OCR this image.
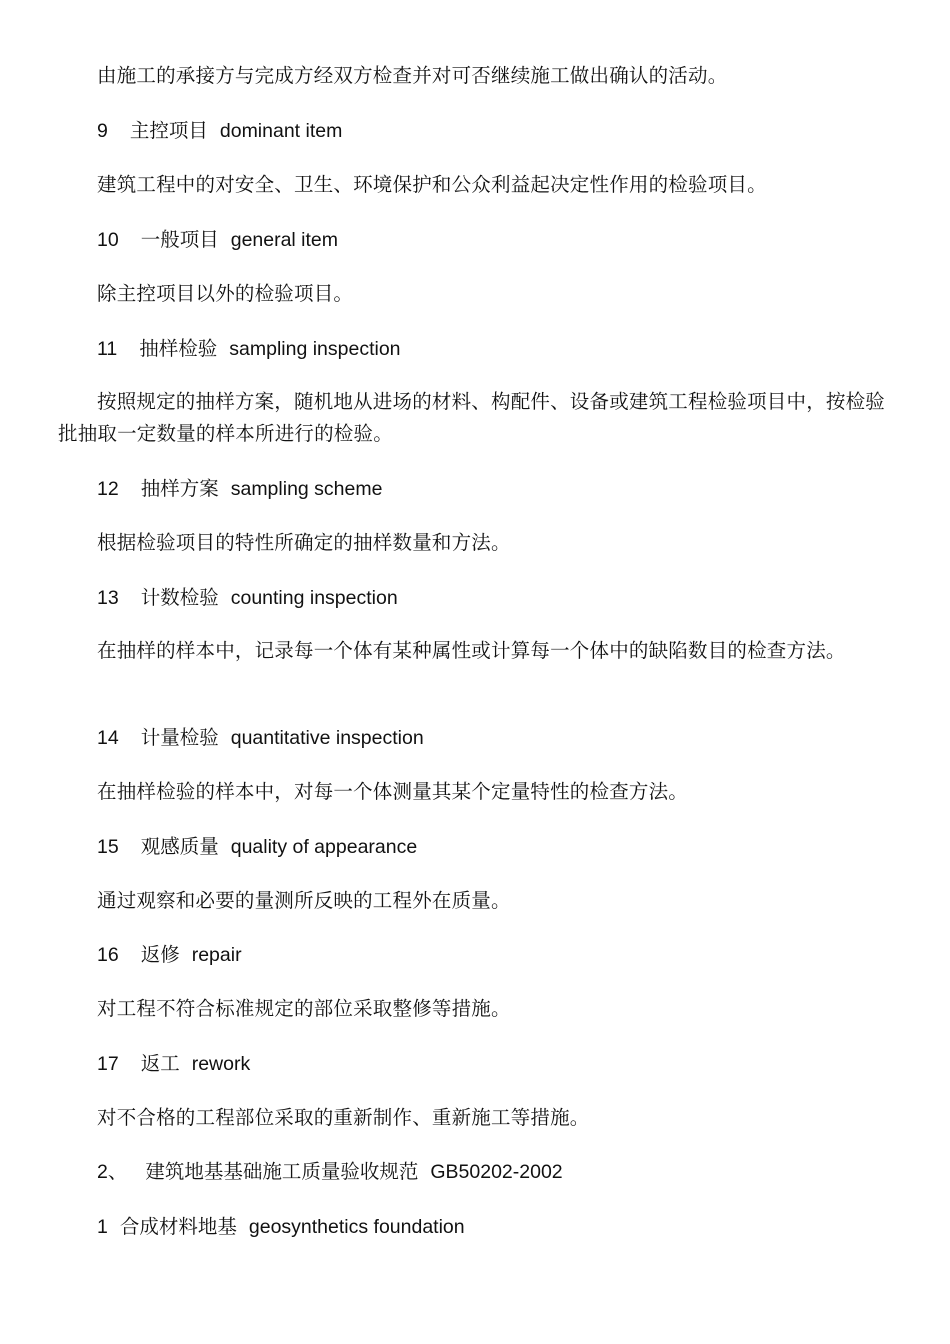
由施工的承接方与完成方经双方检查并对可否继续施工做出确认的活动。
9 主控项目 dominant item
建筑工程中的对安全、卫生、环境保护和公众利益起决定性作用的检验项目。
10 一般项目 general item
除主控项目以外的检验项目。
11 抽样检验 sampling inspection
按照规定的抽样方案，随机地从进场的材料、构配件、设备或建筑工程检验项目中，按检验批抽取一定数量的样本所进行的检验。
12 抽样方案 sampling scheme
根据检验项目的特性所确定的抽样数量和方法。
13 计数检验 counting inspection
在抽样的样本中，记录每一个体有某种属性或计算每一个体中的缺陷数目的检查方法。
14 计量检验 quantitative inspection
在抽样检验的样本中，对每一个体测量其某个定量特性的检查方法。
15 观感质量 quality of appearance
通过观察和必要的量测所反映的工程外在质量。
16 返修 repair
对工程不符合标准规定的部位采取整修等措施。
17 返工 rework
对不合格的工程部位采取的重新制作、重新施工等措施。
2、 建筑地基基础施工质量验收规范 GB50202-2002
1 合成材料地基 geosynthetics foundation
